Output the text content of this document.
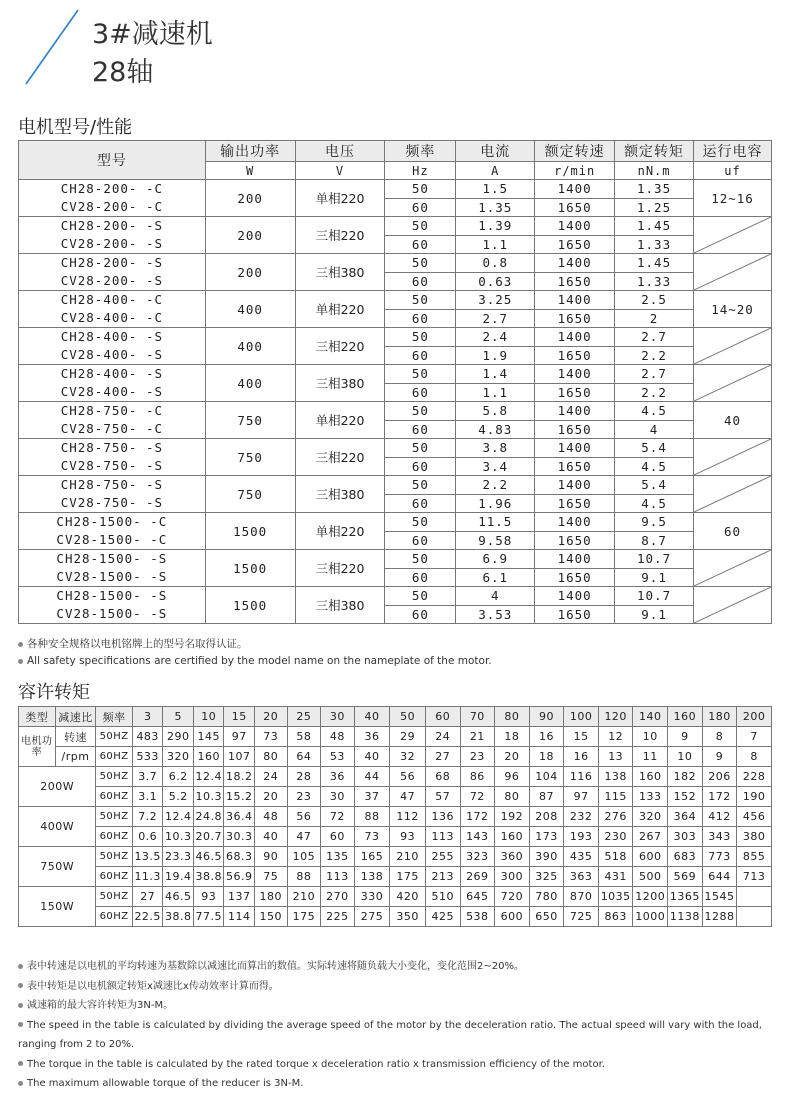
3#减速机
28轴
电机型号/性能
型号	输出功率	电压	频率	电流	额定转速	额定转矩	运行电容
	W	V	Hz	A	r/min	nN.m	uf

CH28-200- -C
CV28-200- -C	200	单相220	50	1.5	1400	1.35	12~16
			60	1.35	1650	1.25	

CH28-200- -S
CV28-200- -S	200	三相220	50	1.39	1400	1.45	

			60	1.1	1650	1.33	

CH28-200- -S
CV28-200- -S	200	三相380	50	0.8	1400	1.45	

			60	0.63	1650	1.33	

CH28-400- -C
CV28-400- -C	400	单相220	50	3.25	1400	2.5	14~20
			60	2.7	1650	2	

CH28-400- -S
CV28-400- -S	400	三相220	50	2.4	1400	2.7	

			60	1.9	1650	2.2	

CH28-400- -S
CV28-400- -S	400	三相380	50	1.4	1400	2.7	

			60	1.1	1650	2.2	

CH28-750- -C
CV28-750- -C	750	单相220	50	5.8	1400	4.5	40
			60	4.83	1650	4	

CH28-750- -S
CV28-750- -S	750	三相220	50	3.8	1400	5.4	

			60	3.4	1650	4.5	

CH28-750- -S
CV28-750- -S	750	三相380	50	2.2	1400	5.4	

			60	1.96	1650	4.5	

CH28-1500- -C
CV28-1500- -C	1500	单相220	50	11.5	1400	9.5	60
			60	9.58	1650	8.7	

CH28-1500- -S
CV28-1500- -S	1500	三相220	50	6.9	1400	10.7	

			60	6.1	1650	9.1	

CH28-1500- -S
CV28-1500- -S	1500	三相380	50	4	1400	10.7	

			60	3.53	1650	9.1	
各种安全规格以电机铭牌上的型号名取得认证。
All safety specifications are certified by the model name on the nameplate of the motor.
容许转矩
类型	减速比	频率	3	5	10	15	20	25	30	40	50	60	70	80	90	100	120	140	160	180	200
电机功率	转速	50HZ	483	290	145	97	73	58	48	36	29	24	21	18	16	15	12	10	9	8	7
	/rpm	60HZ	533	320	160	107	80	64	53	40	32	27	23	20	18	16	13	11	10	9	8
200W		50HZ	3.7	6.2	12.4	18.2	24	28	36	44	56	68	86	96	104	116	138	160	182	206	228
		60HZ	3.1	5.2	10.3	15.2	20	23	30	37	47	57	72	80	87	97	115	133	152	172	190
400W		50HZ	7.2	12.4	24.8	36.4	48	56	72	88	112	136	172	192	208	232	276	320	364	412	456
		60HZ	0.6	10.3	20.7	30.3	40	47	60	73	93	113	143	160	173	193	230	267	303	343	380
750W		50HZ	13.5	23.3	46.5	68.3	90	105	135	165	210	255	323	360	390	435	518	600	683	773	855
		60HZ	11.3	19.4	38.8	56.9	75	88	113	138	175	213	269	300	325	363	431	500	569	644	713
150W		50HZ	27	46.5	93	137	180	210	270	330	420	510	645	720	780	870	1035	1200	1365	1545	
		60HZ	22.5	38.8	77.5	114	150	175	225	275	350	425	538	600	650	725	863	1000	1138	1288	
表中转速是以电机的平均转速为基数除以减速比而算出的数值。实际转速将随负载大小变化，变化范围2~20%。
表中转矩是以电机额定转矩x减速比x传动效率计算而得。
减速箱的最大容许转矩为3N-M。
The speed in the table is calculated by dividing the average speed of the motor by the deceleration ratio. The actual speed will vary with the load, ranging from 2 to 20%.
The torque in the table is calculated by the rated torque x deceleration ratio x transmission efficiency of the motor.
The maximum allowable torque of the reducer is 3N-M.
